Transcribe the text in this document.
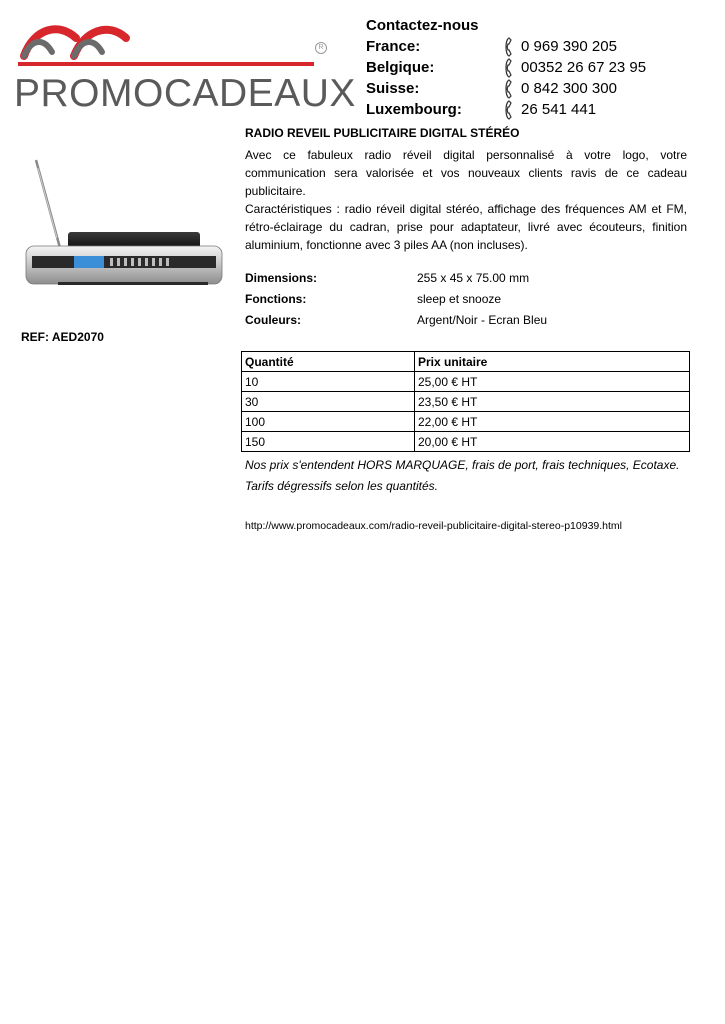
R
PROMOCADEAUX
Contactez-nous
France:	0 969 390 205
Belgique:	00352 26 67 23 95
Suisse:	0 842 300 300
Luxembourg:	26 541 441
RADIO REVEIL PUBLICITAIRE DIGITAL STÉRÉO

Avec ce fabuleux radio réveil digital personnalisé à votre logo, votre communication sera valorisée et vos nouveaux clients ravis de ce cadeau publicitaire.

Caractéristiques : radio réveil digital stéréo, affichage des fréquences AM et FM, rétro-éclairage du cadran, prise pour adaptateur, livré avec écouteurs, finition aluminium, fonctionne avec 3 piles AA (non incluses).

Dimensions:	255 x 45 x 75.00 mm
Fonctions:	sleep et snooze
Couleurs:	Argent/Noir - Ecran Bleu
REF: AED2070
Quantité	Prix unitaire
10	25,00 € HT
30	23,50 € HT
100	22,00 € HT
150	20,00 € HT
Nos prix s'entendent HORS MARQUAGE, frais de port, frais techniques, Ecotaxe.
Tarifs dégressifs selon les quantités.
http://www.promocadeaux.com/radio-reveil-publicitaire-digital-stereo-p10939.html
